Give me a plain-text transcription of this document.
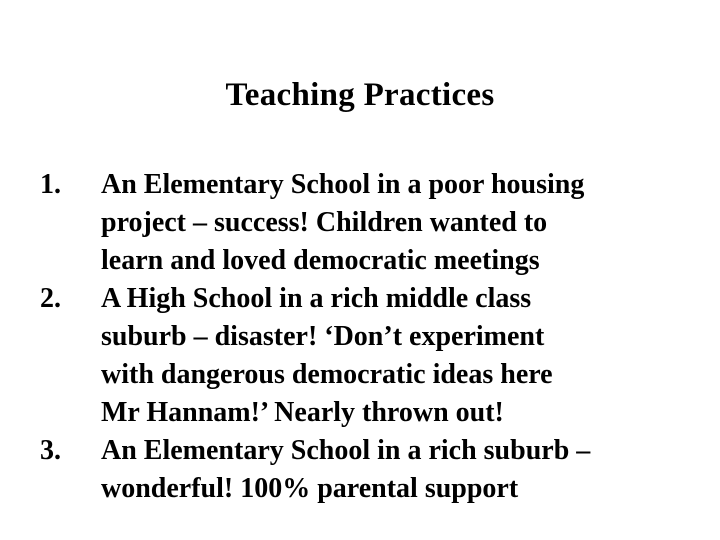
Teaching Practices
1. An Elementary School in a poor housing
project – success! Children wanted to
learn and loved democratic meetings
2. A High School in a rich middle class
suburb – disaster! ‘Don’t experiment
with dangerous democratic ideas here
Mr Hannam!’ Nearly thrown out!
3. An Elementary School in a rich suburb –
wonderful! 100% parental support
